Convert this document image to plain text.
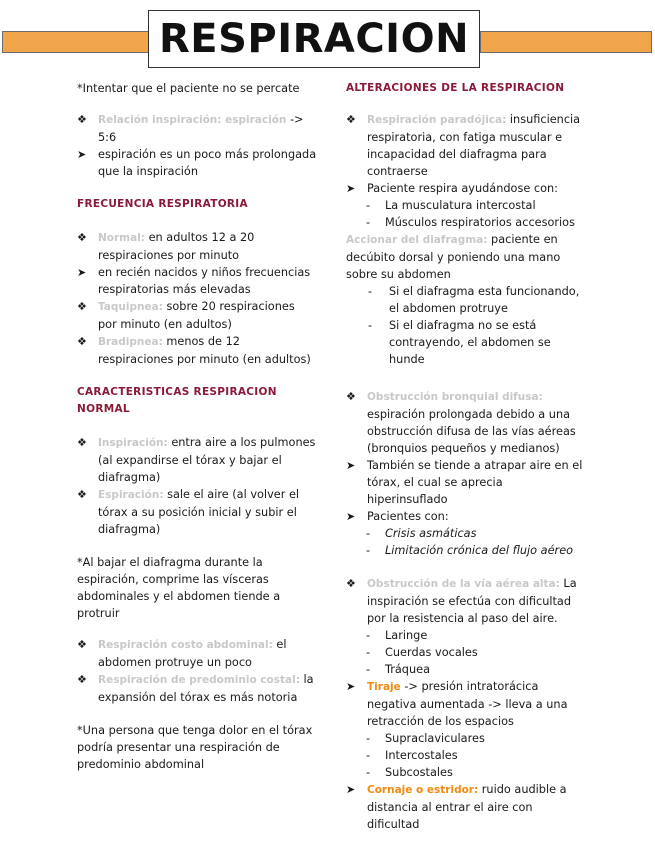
RESPIRACION

*Intentar que el paciente no se percate

❖ Relación inspiración: espiración -> 5:6
➤ espiración es un poco más prolongada que la inspiración

FRECUENCIA RESPIRATORIA

❖ Normal: en adultos 12 a 20 respiraciones por minuto
➤ en recién nacidos y niños frecuencias respiratorias más elevadas
❖ Taquipnea: sobre 20 respiraciones por minuto (en adultos)
❖ Bradipnea: menos de 12 respiraciones por minuto (en adultos)

CARACTERISTICAS RESPIRACION NORMAL

❖ Inspiración: entra aire a los pulmones (al expandirse el tórax y bajar el diafragma)
❖ Espiración: sale el aire (al volver el tórax a su posición inicial y subir el diafragma)

*Al bajar el diafragma durante la espiración, comprime las vísceras abdominales y el abdomen tiende a protruir

❖ Respiración costo abdominal: el abdomen protruye un poco
❖ Respiración de predominio costal: la expansión del tórax es más notoria

*Una persona que tenga dolor en el tórax podría presentar una respiración de predominio abdominal

ALTERACIONES DE LA RESPIRACION

❖ Respiración paradójica: insuficiencia respiratoria, con fatiga muscular e incapacidad del diafragma para contraerse
➤ Paciente respira ayudándose con:
- La musculatura intercostal
- Músculos respiratorios accesorios

Accionar del diafragma: paciente en decúbito dorsal y poniendo una mano sobre su abdomen

- Si el diafragma esta funcionando, el abdomen protruye
- Si el diafragma no se está contrayendo, el abdomen se hunde
❖ Obstrucción bronquial difusa: espiración prolongada debido a una obstrucción difusa de las vías aéreas (bronquios pequeños y medianos)
➤ También se tiende a atrapar aire en el tórax, el cual se aprecia hiperinsuflado
➤ Pacientes con:
- Crisis asmáticas
- Limitación crónica del flujo aéreo
❖ Obstrucción de la vía aérea alta: La inspiración se efectúa con dificultad por la resistencia al paso del aire.
- Laringe
- Cuerdas vocales
- Tráquea
➤ Tiraje -> presión intratorácica negativa aumentada -> lleva a una retracción de los espacios
- Supraclaviculares
- Intercostales
- Subcostales
➤ Cornaje o estridor: ruido audible a distancia al entrar el aire con dificultad
